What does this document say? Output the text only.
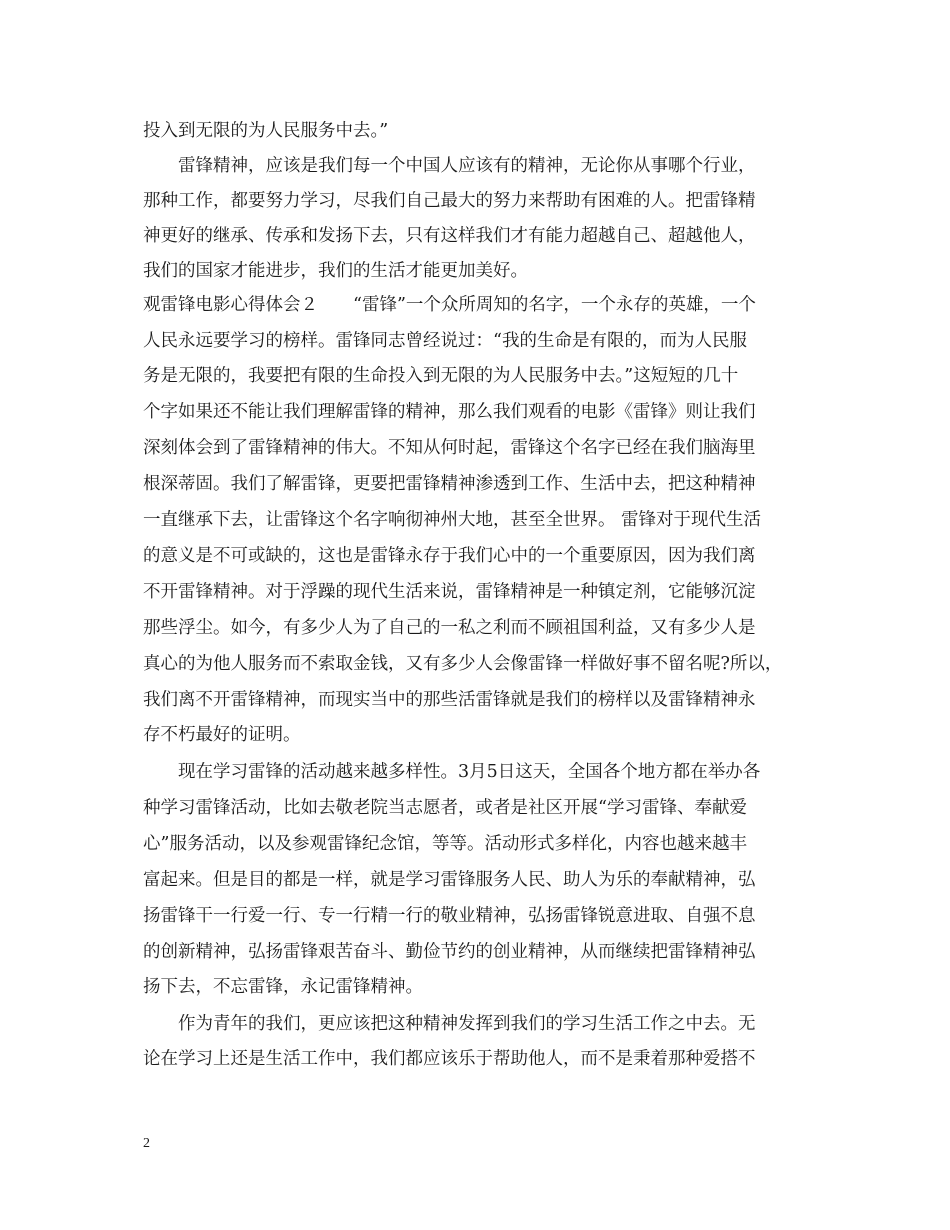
投入到无限的为人民服务中去。”
雷锋精神，应该是我们每一个中国人应该有的精神，无论你从事哪个行业，
那种工作，都要努力学习，尽我们自己最大的努力来帮助有困难的人。把雷锋精
神更好的继承、传承和发扬下去，只有这样我们才有能力超越自己、超越他人，
我们的国家才能进步，我们的生活才能更加美好。
观雷锋电影心得体会２　　“雷锋”一个众所周知的名字，一个永存的英雄，一个
人民永远要学习的榜样。雷锋同志曾经说过：“我的生命是有限的，而为人民服
务是无限的，我要把有限的生命投入到无限的为人民服务中去。”这短短的几十
个字如果还不能让我们理解雷锋的精神，那么我们观看的电影《雷锋》则让我们
深刻体会到了雷锋精神的伟大。不知从何时起，雷锋这个名字已经在我们脑海里
根深蒂固。我们了解雷锋，更要把雷锋精神渗透到工作、生活中去，把这种精神
一直继承下去，让雷锋这个名字响彻神州大地，甚至全世界。 雷锋对于现代生活
的意义是不可或缺的，这也是雷锋永存于我们心中的一个重要原因，因为我们离
不开雷锋精神。对于浮躁的现代生活来说，雷锋精神是一种镇定剂，它能够沉淀
那些浮尘。如今，有多少人为了自己的一私之利而不顾祖国利益，又有多少人是
真心的为他人服务而不索取金钱，又有多少人会像雷锋一样做好事不留名呢?所以，
我们离不开雷锋精神，而现实当中的那些活雷锋就是我们的榜样以及雷锋精神永
存不朽最好的证明。
现在学习雷锋的活动越来越多样性。3月5日这天，全国各个地方都在举办各
种学习雷锋活动，比如去敬老院当志愿者，或者是社区开展“学习雷锋、奉献爱
心”服务活动，以及参观雷锋纪念馆，等等。活动形式多样化，内容也越来越丰
富起来。但是目的都是一样，就是学习雷锋服务人民、助人为乐的奉献精神，弘
扬雷锋干一行爱一行、专一行精一行的敬业精神，弘扬雷锋锐意进取、自强不息
的创新精神，弘扬雷锋艰苦奋斗、勤俭节约的创业精神，从而继续把雷锋精神弘
扬下去，不忘雷锋，永记雷锋精神。
作为青年的我们，更应该把这种精神发挥到我们的学习生活工作之中去。无
论在学习上还是生活工作中，我们都应该乐于帮助他人，而不是秉着那种爱搭不
2
